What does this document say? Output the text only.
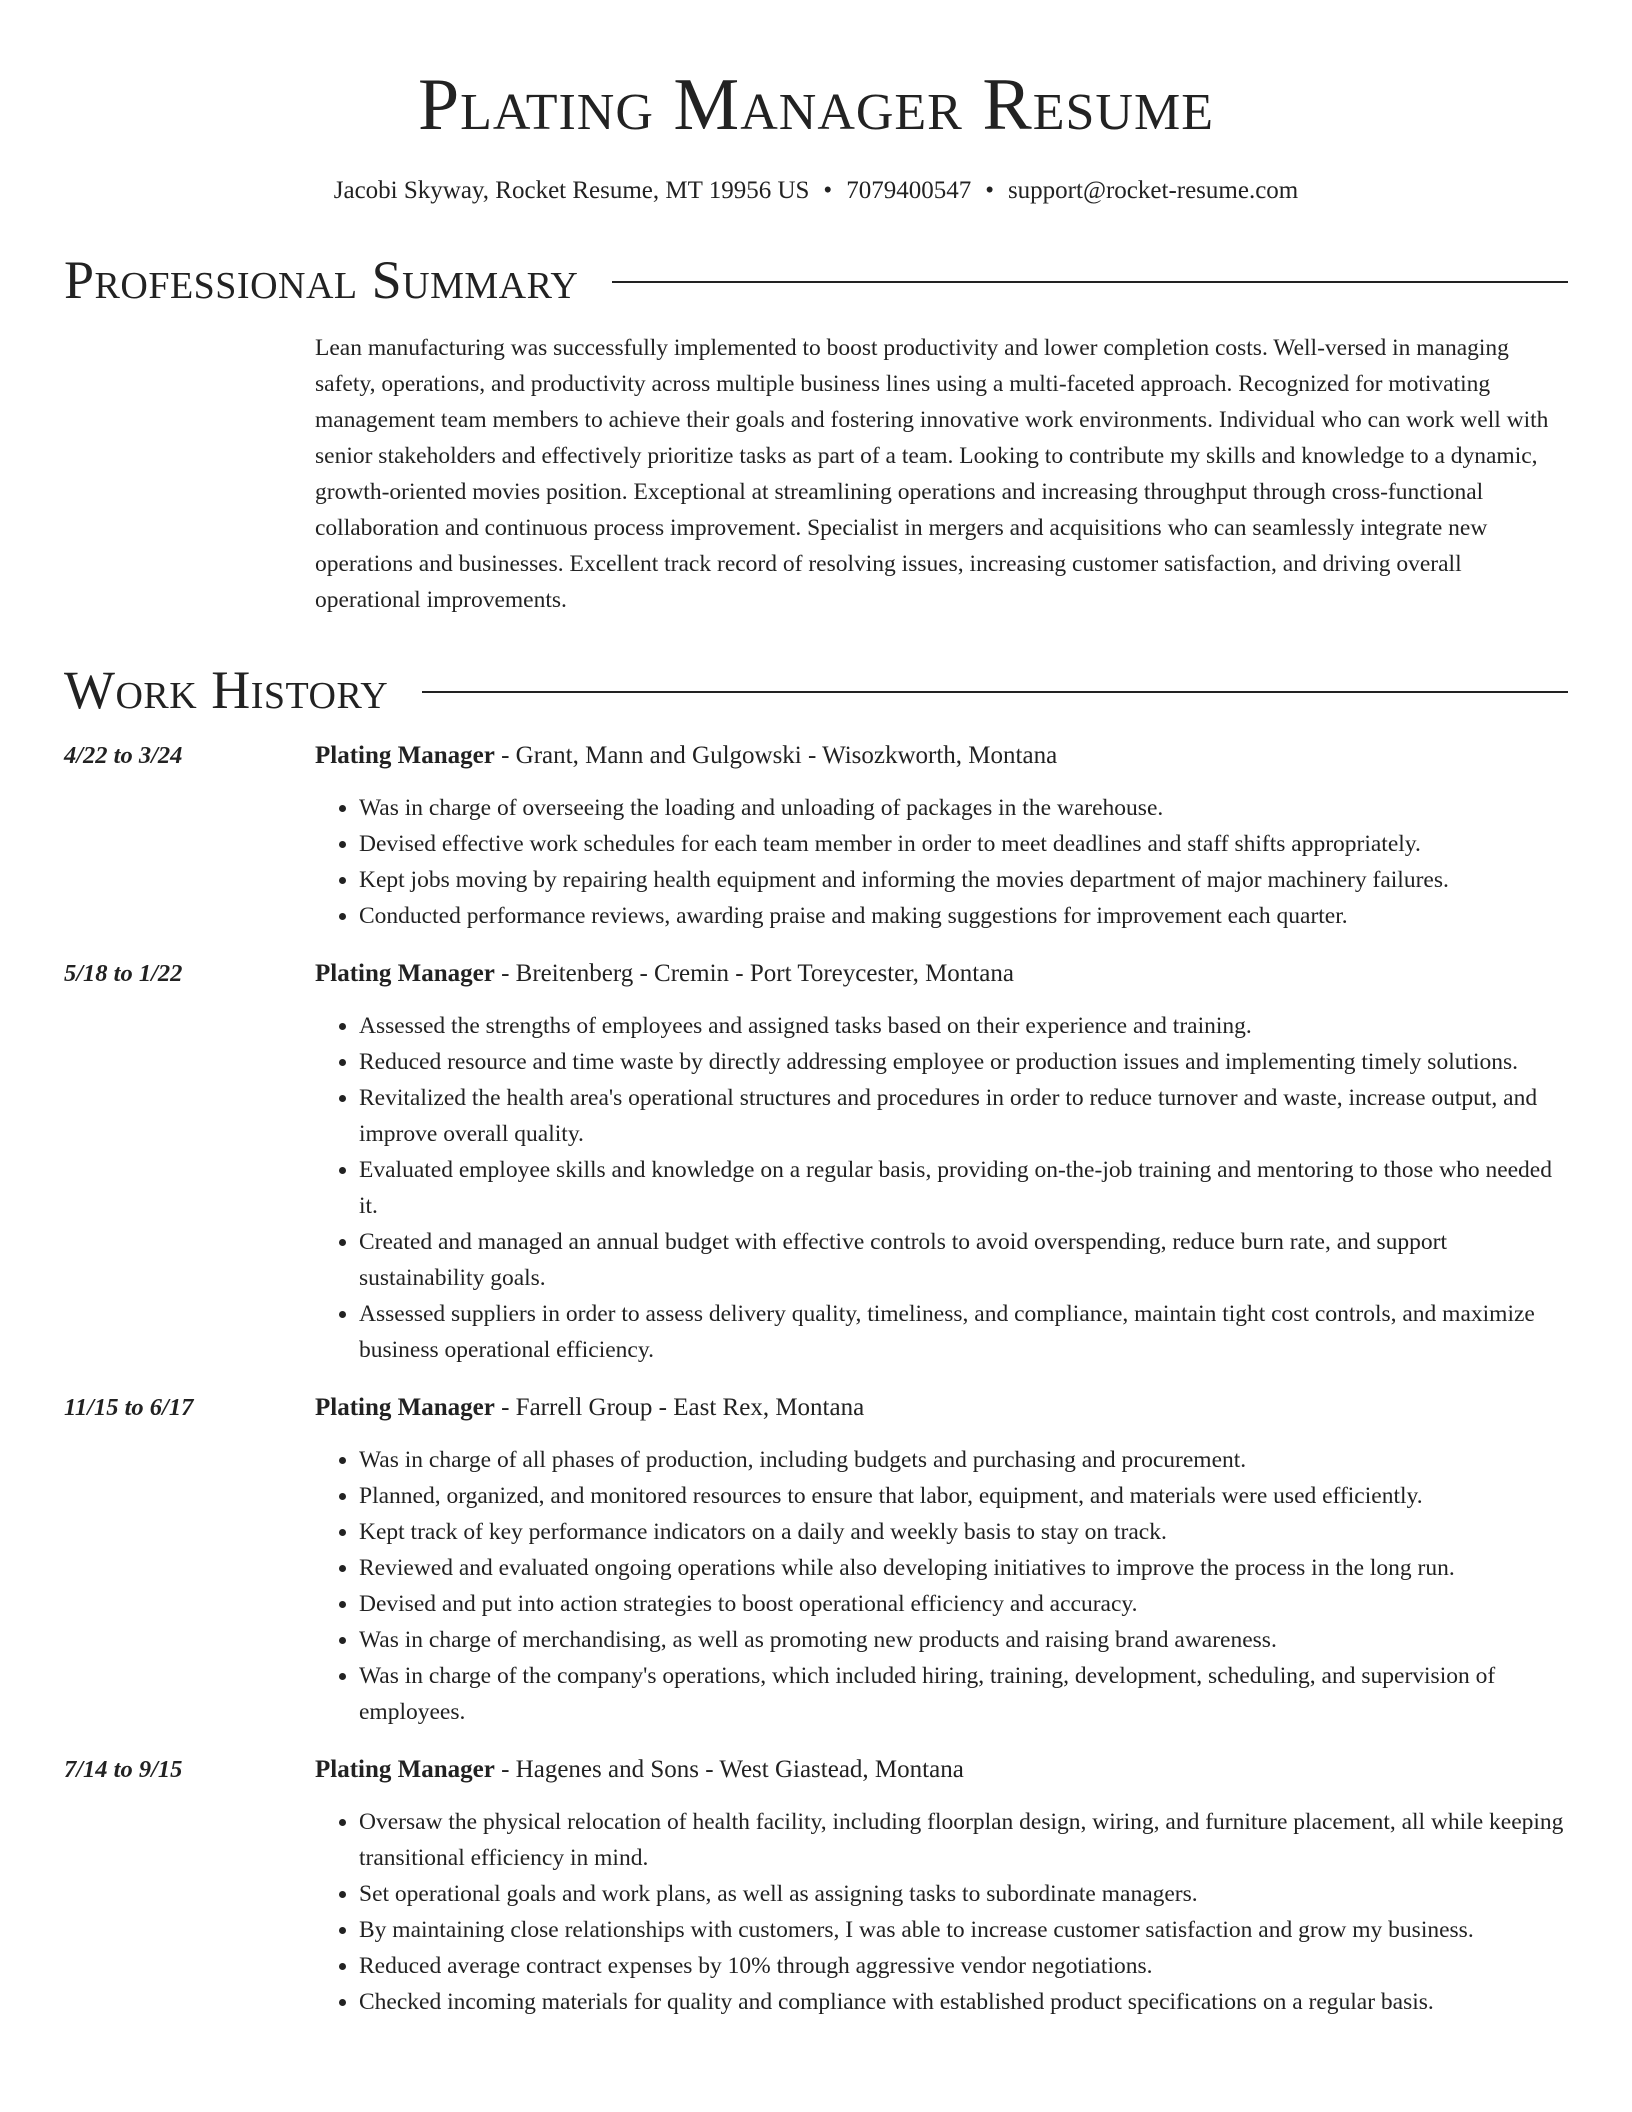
Plating Manager Resume
Jacobi Skyway, Rocket Resume, MT 19956 US • 7079400547 • support@rocket-resume.com
Professional Summary
Lean manufacturing was successfully implemented to boost productivity and lower completion costs. Well-versed in managing safety, operations, and productivity across multiple business lines using a multi-faceted approach. Recognized for motivating management team members to achieve their goals and fostering innovative work environments. Individual who can work well with senior stakeholders and effectively prioritize tasks as part of a team. Looking to contribute my skills and knowledge to a dynamic, growth-oriented movies position. Exceptional at streamlining operations and increasing throughput through cross-functional collaboration and continuous process improvement. Specialist in mergers and acquisitions who can seamlessly integrate new operations and businesses. Excellent track record of resolving issues, increasing customer satisfaction, and driving overall operational improvements.
Work History
4/22 to 3/24	Plating Manager - Grant, Mann and Gulgowski - Wisozkworth, Montana
• Was in charge of overseeing the loading and unloading of packages in the warehouse.
• Devised effective work schedules for each team member in order to meet deadlines and staff shifts appropriately.
• Kept jobs moving by repairing health equipment and informing the movies department of major machinery failures.
• Conducted performance reviews, awarding praise and making suggestions for improvement each quarter.
5/18 to 1/22	Plating Manager - Breitenberg - Cremin - Port Toreycester, Montana
• Assessed the strengths of employees and assigned tasks based on their experience and training.
• Reduced resource and time waste by directly addressing employee or production issues and implementing timely solutions.
• Revitalized the health area's operational structures and procedures in order to reduce turnover and waste, increase output, and improve overall quality.
• Evaluated employee skills and knowledge on a regular basis, providing on-the-job training and mentoring to those who needed it.
• Created and managed an annual budget with effective controls to avoid overspending, reduce burn rate, and support sustainability goals.
• Assessed suppliers in order to assess delivery quality, timeliness, and compliance, maintain tight cost controls, and maximize business operational efficiency.
11/15 to 6/17	Plating Manager - Farrell Group - East Rex, Montana
• Was in charge of all phases of production, including budgets and purchasing and procurement.
• Planned, organized, and monitored resources to ensure that labor, equipment, and materials were used efficiently.
• Kept track of key performance indicators on a daily and weekly basis to stay on track.
• Reviewed and evaluated ongoing operations while also developing initiatives to improve the process in the long run.
• Devised and put into action strategies to boost operational efficiency and accuracy.
• Was in charge of merchandising, as well as promoting new products and raising brand awareness.
• Was in charge of the company's operations, which included hiring, training, development, scheduling, and supervision of employees.
7/14 to 9/15	Plating Manager - Hagenes and Sons - West Giastead, Montana
• Oversaw the physical relocation of health facility, including floorplan design, wiring, and furniture placement, all while keeping transitional efficiency in mind.
• Set operational goals and work plans, as well as assigning tasks to subordinate managers.
• By maintaining close relationships with customers, I was able to increase customer satisfaction and grow my business.
• Reduced average contract expenses by 10% through aggressive vendor negotiations.
• Checked incoming materials for quality and compliance with established product specifications on a regular basis.
